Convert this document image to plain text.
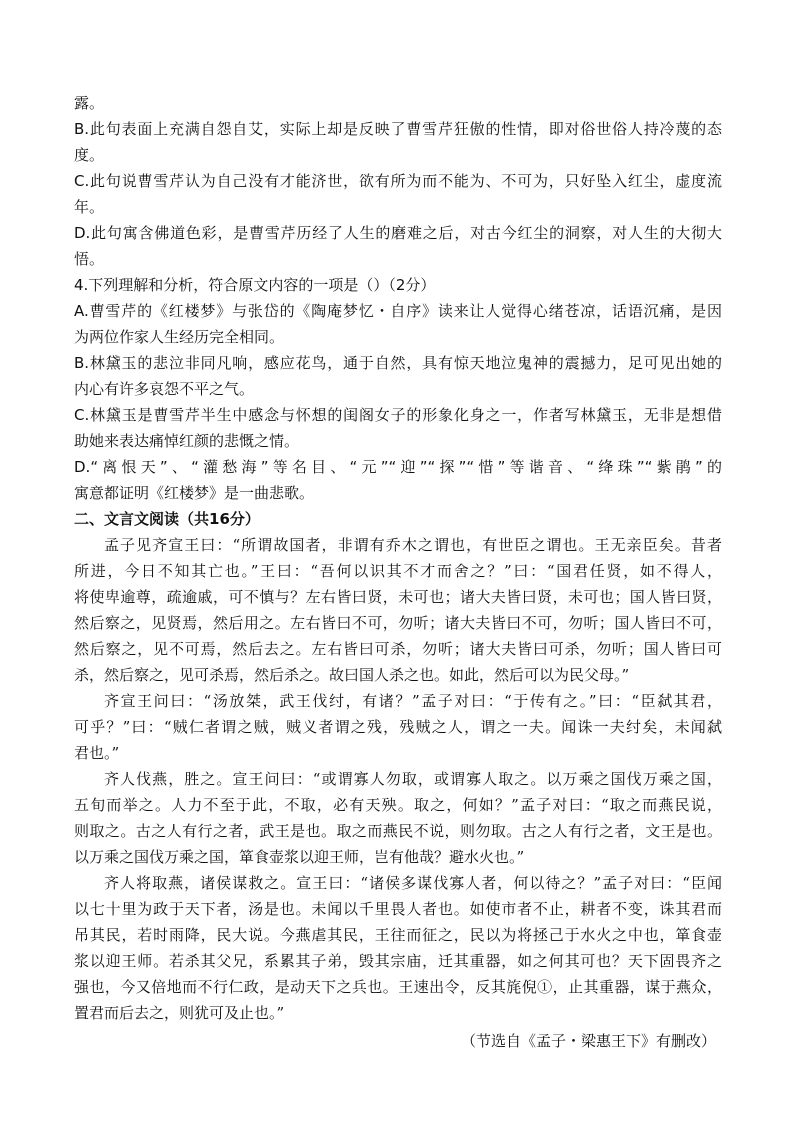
露。

B.此句表面上充满自怨自艾，实际上却是反映了曹雪芹狂傲的性情，即对俗世俗人持冷蔑的态

度。

C.此句说曹雪芹认为自己没有才能济世，欲有所为而不能为、不可为，只好坠入红尘，虚度流

年。

D.此句寓含佛道色彩，是曹雪芹历经了人生的磨难之后，对古今红尘的洞察，对人生的大彻大

悟。

4.下列理解和分析，符合原文内容的一项是（）（2分）

A.曹雪芹的《红楼梦》与张岱的《陶庵梦忆・自序》读来让人觉得心绪苍凉，话语沉痛，是因

为两位作家人生经历完全相同。

B.林黛玉的悲泣非同凡响，感应花鸟，通于自然，具有惊天地泣鬼神的震撼力，足可见出她的

内心有许多哀怨不平之气。

C.林黛玉是曹雪芹半生中感念与怀想的闺阁女子的形象化身之一，作者写林黛玉，无非是想借

助她来表达痛悼红颜的悲慨之情。

D.“离恨天”、“灌愁海”等名目、“元”“迎”“探”“惜”等谐音、“绛珠”“紫鹃”的

寓意都证明《红楼梦》是一曲悲歌。

二、文言文阅读（共16分）

孟子见齐宣王曰：“所谓故国者，非谓有乔木之谓也，有世臣之谓也。王无亲臣矣。昔者

所进，今日不知其亡也。”王曰：“吾何以识其不才而舍之？”曰：“国君任贤，如不得人，

将使卑逾尊，疏逾戚，可不慎与？左右皆曰贤，未可也；诸大夫皆曰贤，未可也；国人皆曰贤，

然后察之，见贤焉，然后用之。左右皆曰不可，勿听；诸大夫皆曰不可，勿听；国人皆曰不可，

然后察之，见不可焉，然后去之。左右皆曰可杀，勿听；诸大夫皆曰可杀，勿听；国人皆曰可

杀，然后察之，见可杀焉，然后杀之。故曰国人杀之也。如此，然后可以为民父母。”

齐宣王问曰：“汤放桀，武王伐纣，有诸？”孟子对曰：“于传有之。”曰：“臣弑其君，

可乎？”曰：“贼仁者谓之贼，贼义者谓之残，残贼之人，谓之一夫。闻诛一夫纣矣，未闻弑

君也。”

齐人伐燕，胜之。宣王问曰：“或谓寡人勿取，或谓寡人取之。以万乘之国伐万乘之国，

五旬而举之。人力不至于此，不取，必有天殃。取之，何如？”孟子对曰：“取之而燕民说，

则取之。古之人有行之者，武王是也。取之而燕民不说，则勿取。古之人有行之者，文王是也。

以万乘之国伐万乘之国，箪食壶浆以迎王师，岂有他哉？避水火也。”

齐人将取燕，诸侯谋救之。宣王曰：“诸侯多谋伐寡人者，何以待之？”孟子对曰：“臣闻

以七十里为政于天下者，汤是也。未闻以千里畏人者也。如使市者不止，耕者不变，诛其君而

吊其民，若时雨降，民大说。今燕虐其民，王往而征之，民以为将拯己于水火之中也，箪食壶

浆以迎王师。若杀其父兄，系累其子弟，毁其宗庙，迁其重器，如之何其可也？天下固畏齐之

强也，今又倍地而不行仁政，是动天下之兵也。王速出令，反其旄倪①，止其重器，谋于燕众，

置君而后去之，则犹可及止也。”

（节选自《孟子・梁惠王下》有删改）
